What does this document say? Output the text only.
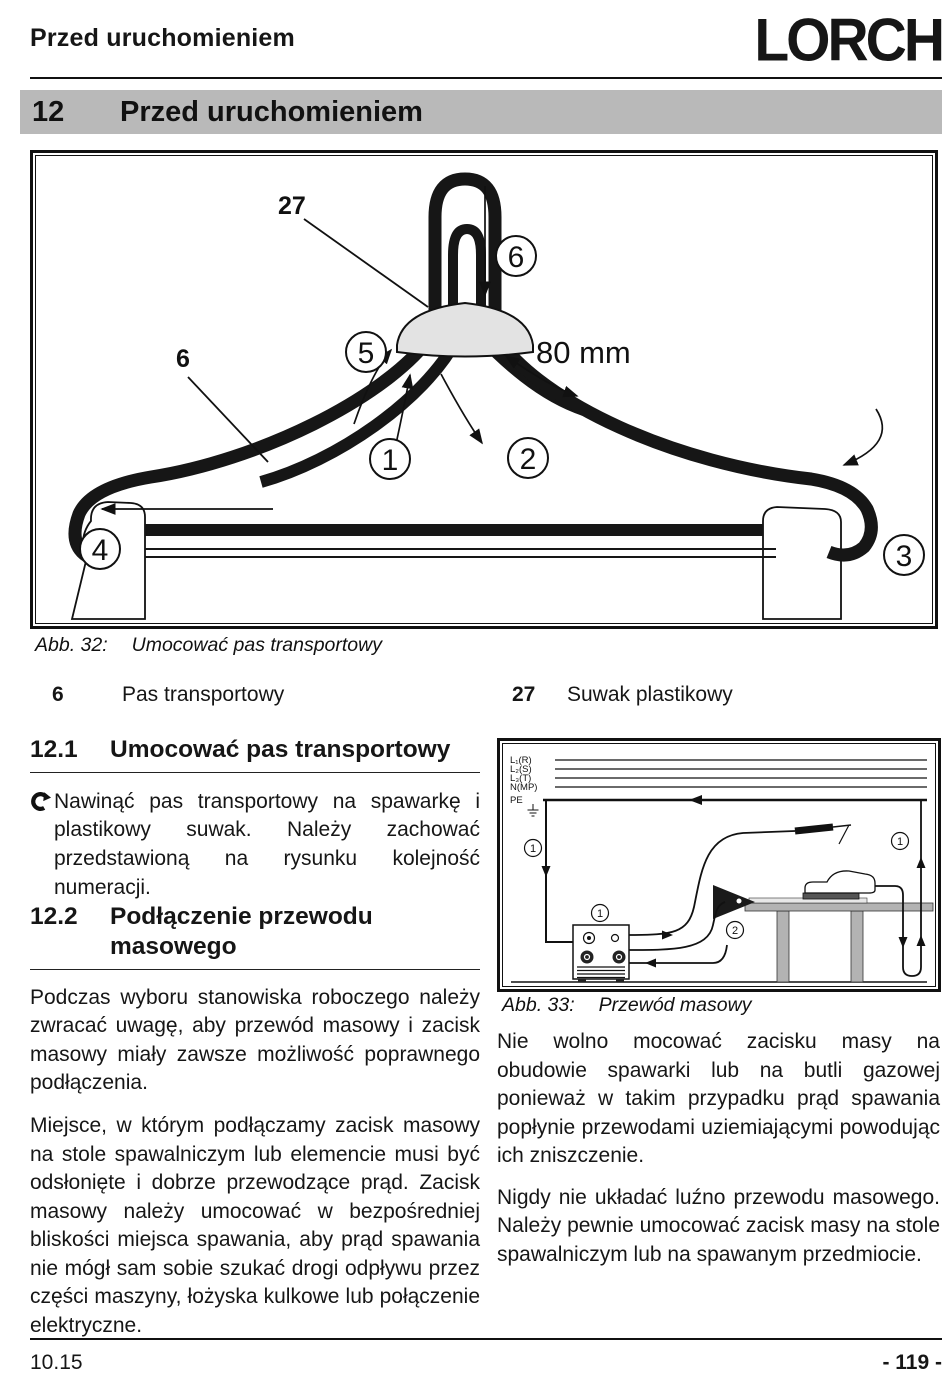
Przed uruchomieniem	LORCH
12 Przed uruchomieniem
5
6
1	2
4	3
27
6	80 mm
Abb. 32: Umocować pas transportowy
6	Pas transportowy	27 Suwak plastikowy
12.1	Umocować pas transportowy
Nawinąć pas transportowy na spawarkę i plastikowy suwak. Należy zachować przedstawioną na rysunku kolejność numeracji.
12.2	Podłączenie przewodu masowego

Podczas wyboru stanowiska roboczego należy zwracać uwagę, aby przewód masowy i zacisk masowy miały zawsze możliwość poprawnego podłączenia.

Miejsce, w którym podłączamy zacisk masowy na stole spawalniczym lub elemencie musi być odsłonięte i dobrze przewodzące prąd. Zacisk masowy należy umocować w bezpośredniej bliskości miejsca spawania, aby prąd spawania nie mógł sam sobie szukać drogi odpływu przez części maszyny, łożyska kulkowe lub połączenie elektryczne.

L₁(R)
L₂(S)
L₃(T)
N(MP)
PE
1
1
1
2
Abb. 33: Przewód masowy

Nie wolno mocować zacisku masy na obudowie spawarki lub na butli gazowej ponieważ w takim przypadku prąd spawania popłynie przewodami uziemiającymi powodując ich zniszczenie.

Nigdy nie układać luźno przewodu masowego. Należy pewnie umocować zacisk masy na stole spawalniczym lub na spawanym przedmiocie.

10.15	- 119 -
